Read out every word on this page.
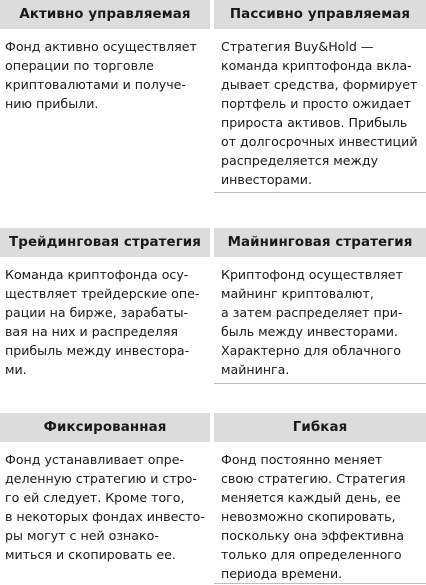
Активно управляемая
Фонд активно осуществляет
операции по торговле
криптовалютами и получе-
нию прибыли.
Пассивно управляемая
Стратегия Buy&Hold —
команда криптофонда вкла-
дывает средства, формирует
портфель и просто ожидает
прироста активов. Прибыль
от долгосрочных инвестиций
распределяется между
инвесторами.
Трейдинговая стратегия
Команда криптофонда осу-
ществляет трейдерские опе-
рации на бирже, зарабаты-
вая на них и распределяя
прибыль между инвестора-
ми.
Майнинговая стратегия
Криптофонд осуществляет
майнинг криптовалют,
а затем распределяет при-
быль между инвесторами.
Характерно для облачного
майнинга.
Фиксированная
Фонд устанавливает опре-
деленную стратегию и стро-
го ей следует. Кроме того,
в некоторых фондах инвесто-
ры могут с ней ознако-
миться и скопировать ее.
Гибкая
Фонд постоянно меняет
свою стратегию. Стратегия
меняется каждый день, ее
невозможно скопировать,
поскольку она эффективна
только для определенного
периода времени.
